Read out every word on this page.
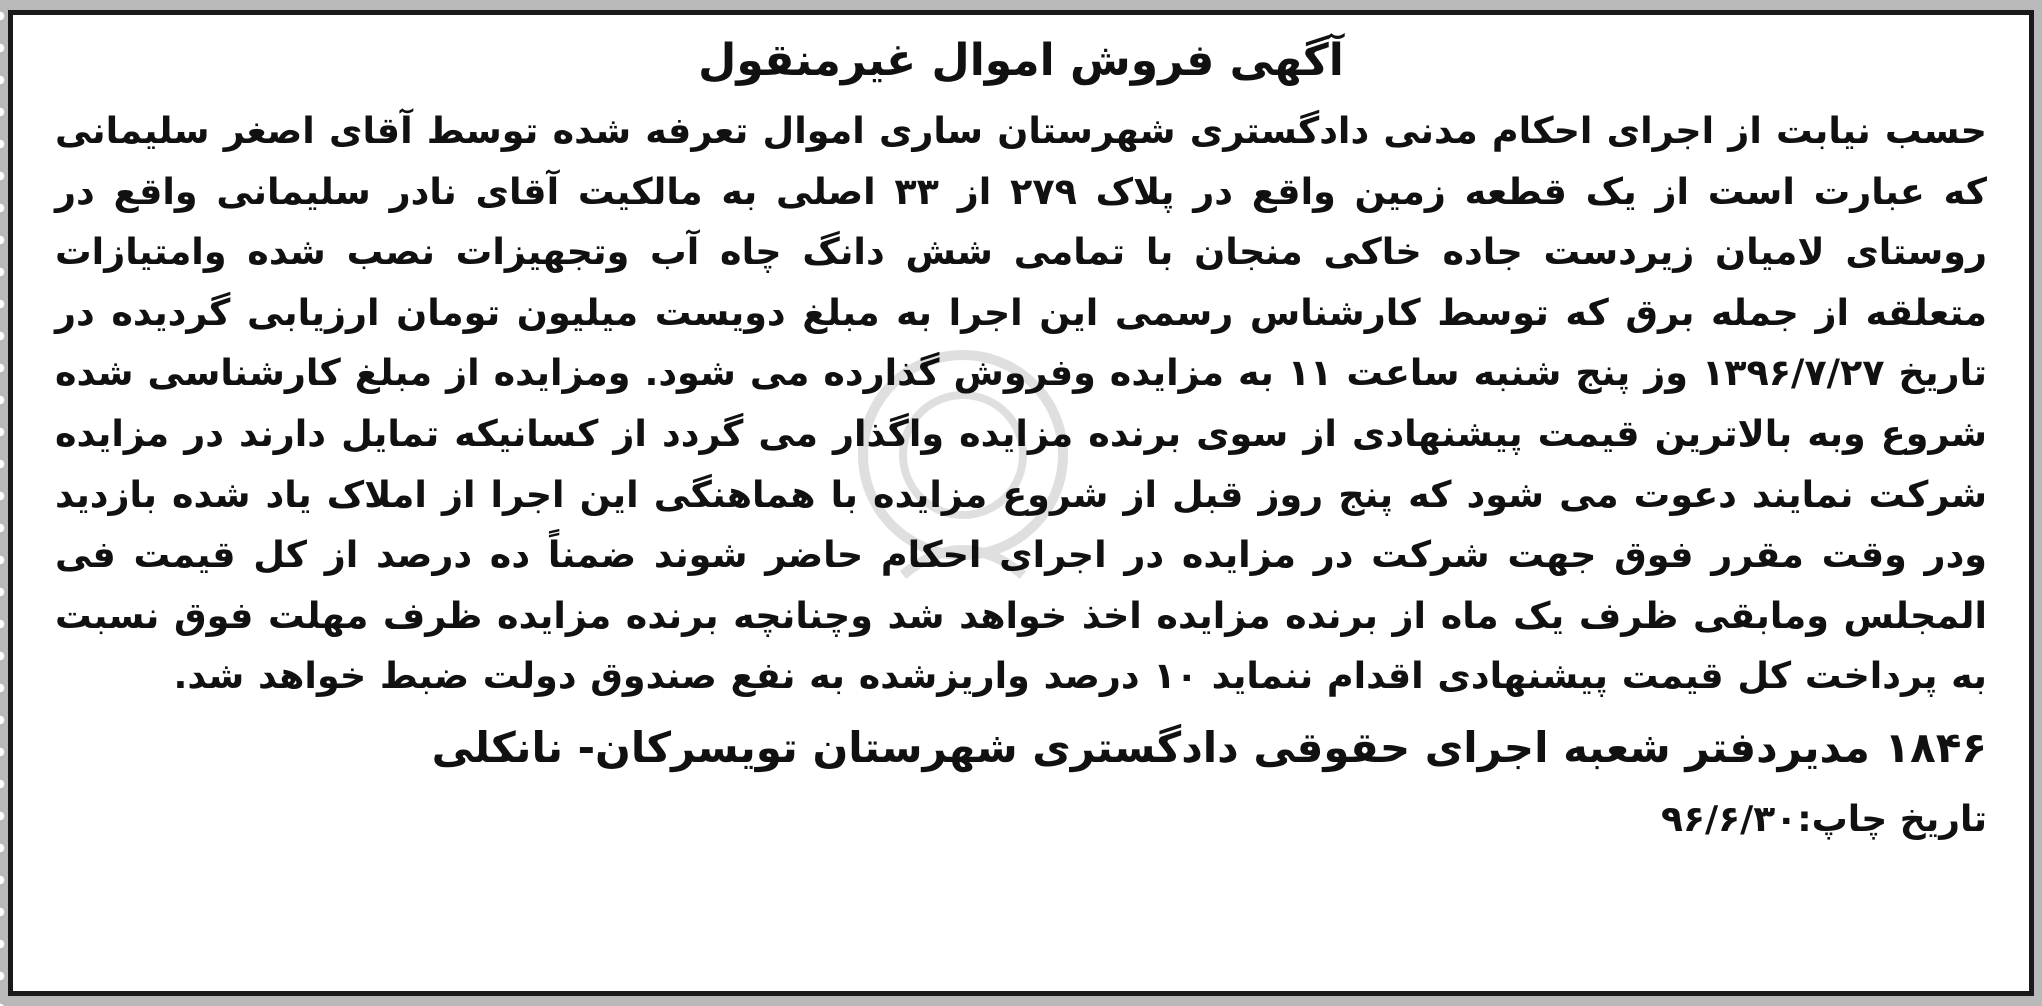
آگهی فروش اموال غیرمنقول

حسب نیابت از اجرای احکام مدنی دادگستری شهرستان ساری اموال تعرفه شده توسط آقای اصغر سلیمانی که عبارت است از یک قطعه زمین واقع در پلاک ۲۷۹ از ۳۳ اصلی به مالکیت آقای نادر سلیمانی واقع در روستای لامیان زیردست جاده خاکی منجان با تمامی شش دانگ چاه آب وتجهیزات نصب شده وامتیازات متعلقه از جمله برق که توسط کارشناس رسمی این اجرا به مبلغ دویست میلیون تومان ارزیابی گردیده در تاریخ ۱۳۹۶/۷/۲۷ وز پنج شنبه ساعت ۱۱ به مزایده وفروش گذارده می شود. ومزایده از مبلغ کارشناسی شده شروع وبه بالاترین قیمت پیشنهادی از سوی برنده مزایده واگذار می گردد از کسانیکه تمایل دارند در مزایده شرکت نمایند دعوت می شود که پنج روز قبل از شروع مزایده با هماهنگی این اجرا از املاک یاد شده بازدید ودر وقت مقرر فوق جهت شرکت در مزایده در اجرای احکام حاضر شوند ضمناً ده درصد از کل قیمت فی المجلس ومابقی ظرف یک ماه از برنده مزایده اخذ خواهد شد وچنانچه برنده مزایده ظرف مهلت فوق نسبت به پرداخت کل قیمت پیشنهادی اقدام ننماید ۱۰ درصد واریزشده به نفع صندوق دولت ضبط خواهد شد.

۱۸۴۶ مدیردفتر شعبه اجرای حقوقی دادگستری شهرستان تویسرکان- نانکلی

تاریخ چاپ:۹۶/۶/۳۰
